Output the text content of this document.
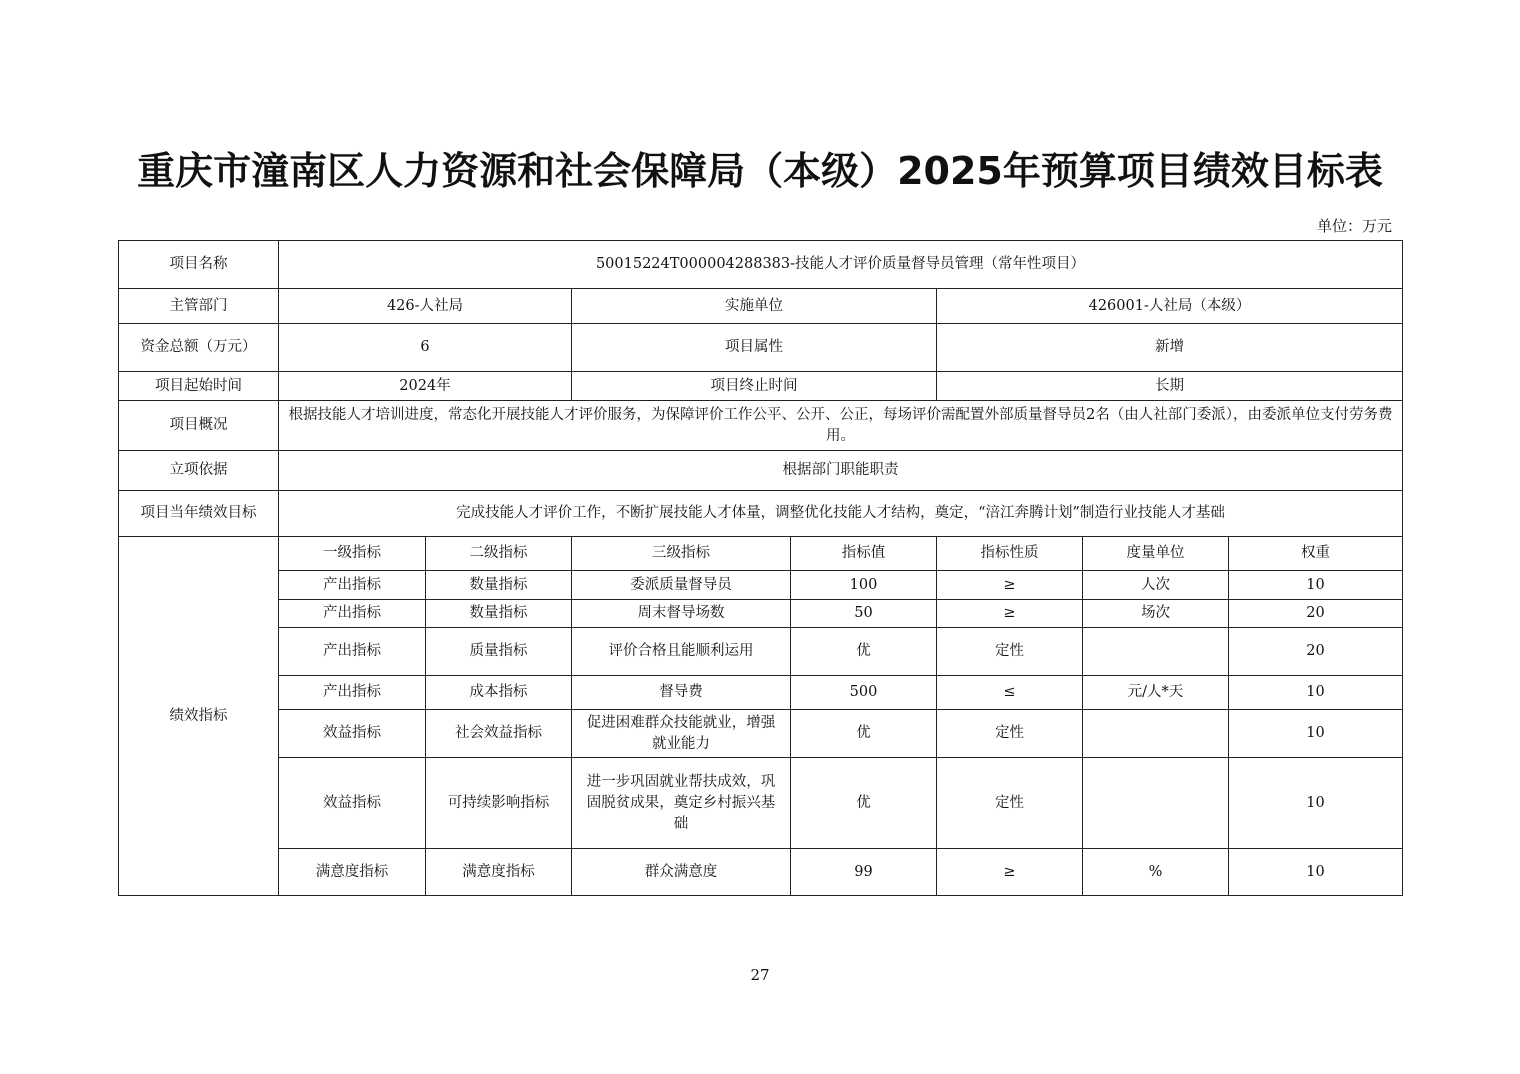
重庆市潼南区人力资源和社会保障局（本级）2025年预算项目绩效目标表
单位：万元
项目名称	50015224T000004288383-技能人才评价质量督导员管理（常年性项目）						
主管部门	426-人社局		实施单位		426001-人社局（本级）		
资金总额（万元）	6		项目属性		新增		
项目起始时间	2024年		项目终止时间		长期		
项目概况	根据技能人才培训进度，常态化开展技能人才评价服务，为保障评价工作公平、公开、公正，每场评价需配置外部质量督导员2名（由人社部门委派），由委派单位支付劳务费用。						
立项依据	根据部门职能职责						
项目当年绩效目标	完成技能人才评价工作，不断扩展技能人才体量，调整优化技能人才结构，奠定，“涪江奔腾计划”制造行业技能人才基础						
绩效指标	一级指标	二级指标	三级指标	指标值	指标性质	度量单位	权重
	产出指标	数量指标	委派质量督导员	100	≥	人次	10
	产出指标	数量指标	周末督导场数	50	≥	场次	20
	产出指标	质量指标	评价合格且能顺利运用	优	定性		20
	产出指标	成本指标	督导费	500	≤	元/人*天	10
	效益指标	社会效益指标	促进困难群众技能就业，增强就业能力	优	定性		10
	效益指标	可持续影响指标	进一步巩固就业帮扶成效，巩固脱贫成果，奠定乡村振兴基础	优	定性		10
	满意度指标	满意度指标	群众满意度	99	≥	%	10
27
